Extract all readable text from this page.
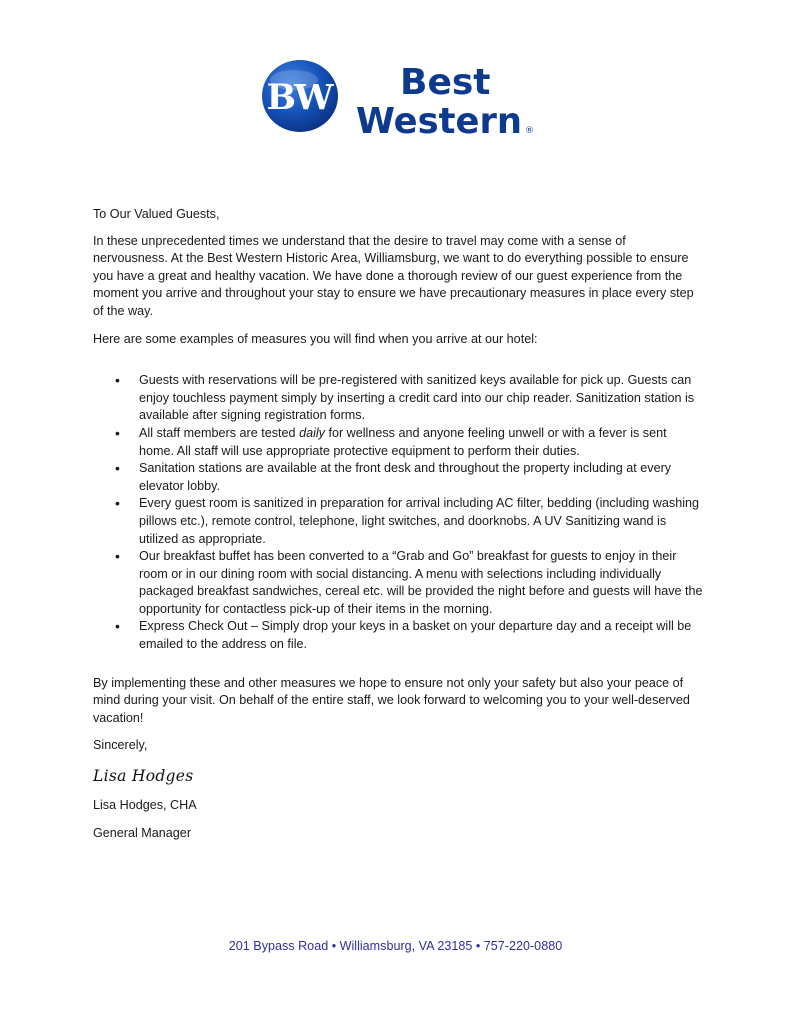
BW Best
Western ®

To Our Valued Guests,

In these unprecedented times we understand that the desire to travel may come with a sense of nervousness. At the Best Western Historic Area, Williamsburg, we want to do everything possible to ensure you have a great and healthy vacation. We have done a thorough review of our guest experience from the moment you arrive and throughout your stay to ensure we have precautionary measures in place every step of the way.

Here are some examples of measures you will find when you arrive at our hotel:

• Guests with reservations will be pre-registered with sanitized keys available for pick up. Guests can enjoy touchless payment simply by inserting a credit card into our chip reader. Sanitization station is available after signing registration forms.
• All staff members are tested daily for wellness and anyone feeling unwell or with a fever is sent home. All staff will use appropriate protective equipment to perform their duties.
• Sanitation stations are available at the front desk and throughout the property including at every elevator lobby.
• Every guest room is sanitized in preparation for arrival including AC filter, bedding (including washing pillows etc.), remote control, telephone, light switches, and doorknobs. A UV Sanitizing wand is utilized as appropriate.
• Our breakfast buffet has been converted to a “Grab and Go” breakfast for guests to enjoy in their room or in our dining room with social distancing. A menu with selections including individually packaged breakfast sandwiches, cereal etc. will be provided the night before and guests will have the opportunity for contactless pick-up of their items in the morning.
• Express Check Out – Simply drop your keys in a basket on your departure day and a receipt will be emailed to the address on file.

By implementing these and other measures we hope to ensure not only your safety but also your peace of mind during your visit. On behalf of the entire staff, we look forward to welcoming you to your well-deserved vacation!

Sincerely,

Lisa Hodges

Lisa Hodges, CHA

General Manager

201 Bypass Road • Williamsburg, VA 23185 • 757-220-0880
